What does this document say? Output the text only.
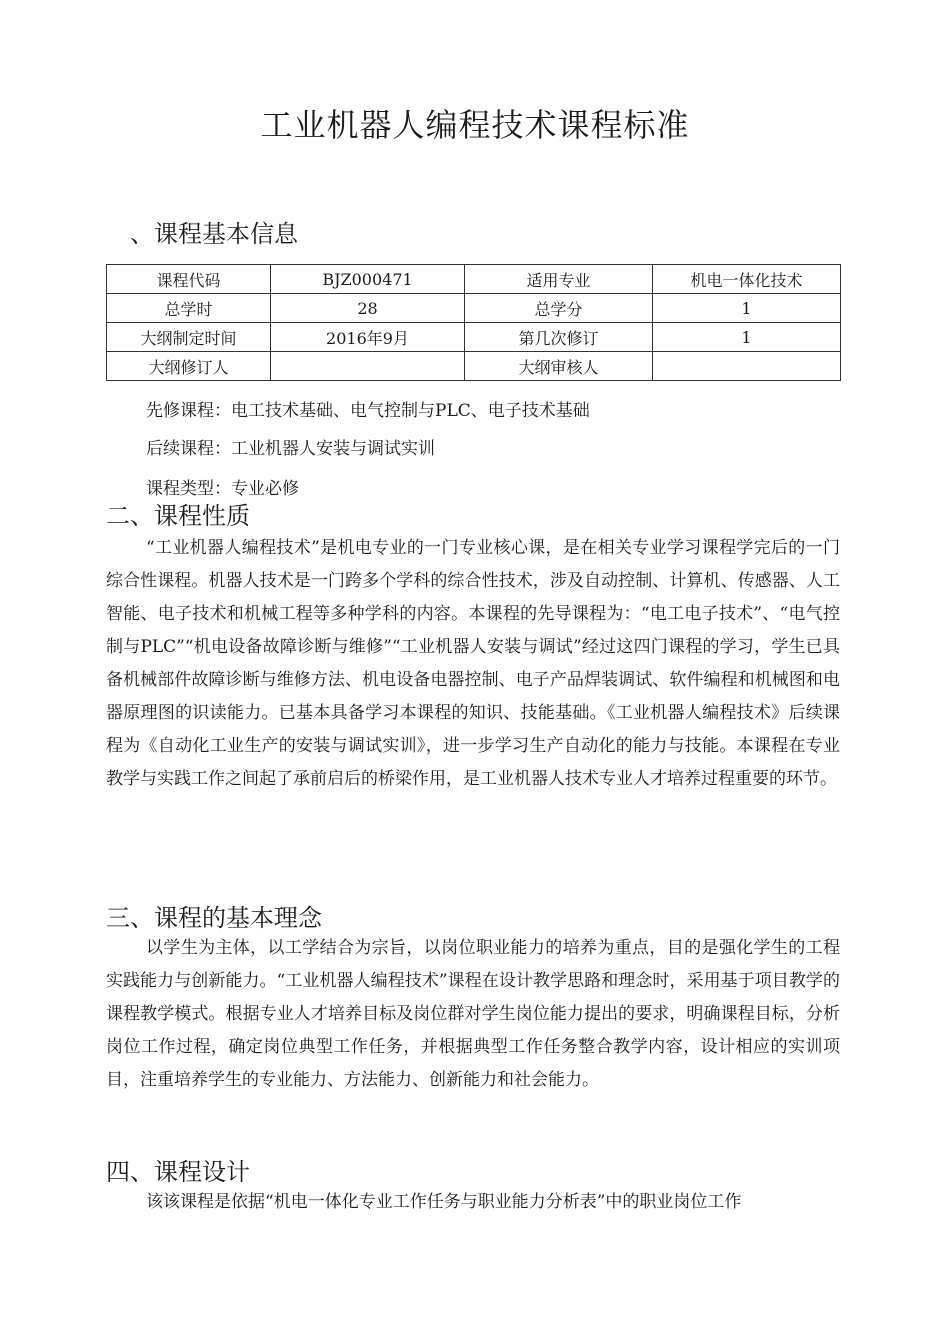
工业机器人编程技术课程标准
、课程基本信息
课程代码	BJZ000471	适用专业	机电一体化技术
总学时	28	总学分	1
大纲制定时间	2016年9月	第几次修订	1
大纲修订人		大纲审核人	

先修课程：电工技术基础、电气控制与PLC、电子技术基础

后续课程：工业机器人安装与调试实训

课程类型：专业必修

二、课程性质

“工业机器人编程技术”是机电专业的一门专业核心课，是在相关专业学习课程学完后的一门综合性课程。机器人技术是一门跨多个学科的综合性技术，涉及自动控制、计算机、传感器、人工智能、电子技术和机械工程等多种学科的内容。本课程的先导课程为：“电工电子技术”、“电气控制与PLC”“机电设备故障诊断与维修”“工业机器人安装与调试”经过这四门课程的学习，学生已具备机械部件故障诊断与维修方法、机电设备电器控制、电子产品焊装调试、软件编程和机械图和电器原理图的识读能力。已基本具备学习本课程的知识、技能基础。《工业机器人编程技术》后续课程为《自动化工业生产的安装与调试实训》，进一步学习生产自动化的能力与技能。本课程在专业教学与实践工作之间起了承前启后的桥梁作用，是工业机器人技术专业人才培养过程重要的环节。

三、课程的基本理念

以学生为主体，以工学结合为宗旨，以岗位职业能力的培养为重点，目的是强化学生的工程实践能力与创新能力。“工业机器人编程技术”课程在设计教学思路和理念时，采用基于项目教学的课程教学模式。根据专业人才培养目标及岗位群对学生岗位能力提出的要求，明确课程目标，分析岗位工作过程，确定岗位典型工作任务，并根据典型工作任务整合教学内容，设计相应的实训项目，注重培养学生的专业能力、方法能力、创新能力和社会能力。

四、课程设计

该该课程是依据“机电一体化专业工作任务与职业能力分析表”中的职业岗位工作
